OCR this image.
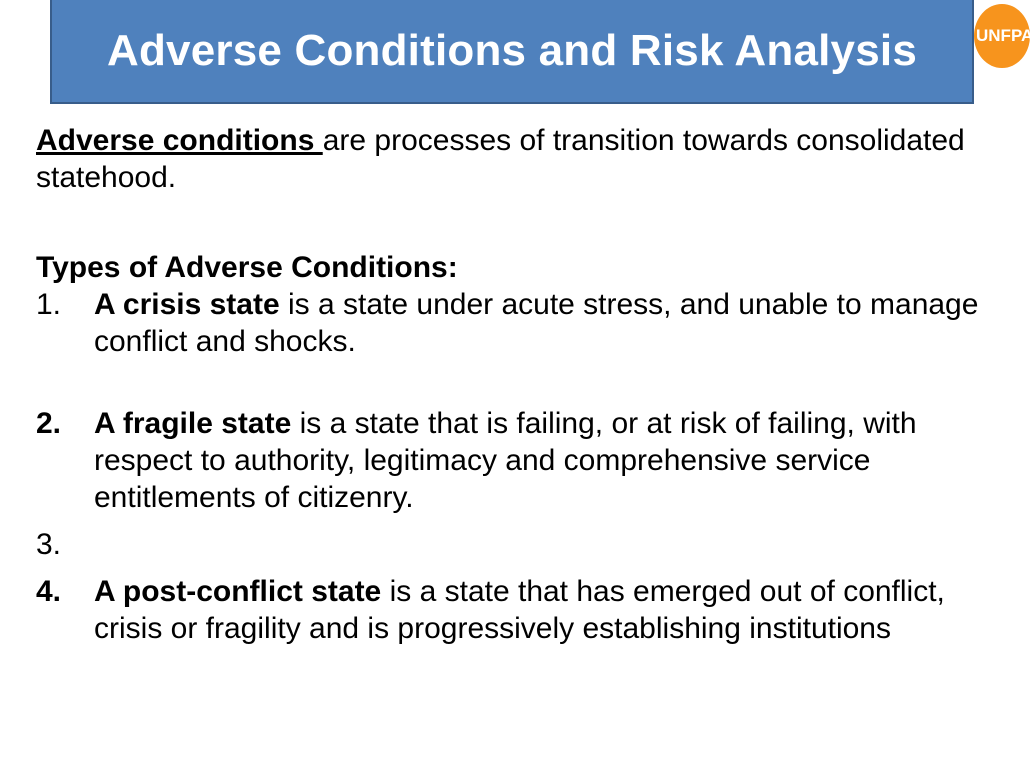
Adverse Conditions and Risk Analysis	UNFPA

Adverse conditions are processes of transition towards consolidated statehood.

Types of Adverse Conditions:

1.	A crisis state is a state under acute stress, and unable to manage conflict and shocks.
2.	A fragile state is a state that is failing, or at risk of failing, with respect to authority, legitimacy and comprehensive service entitlements of citizenry.
3.
4.	A post-conflict state is a state that has emerged out of conflict, crisis or fragility and is progressively establishing institutions
